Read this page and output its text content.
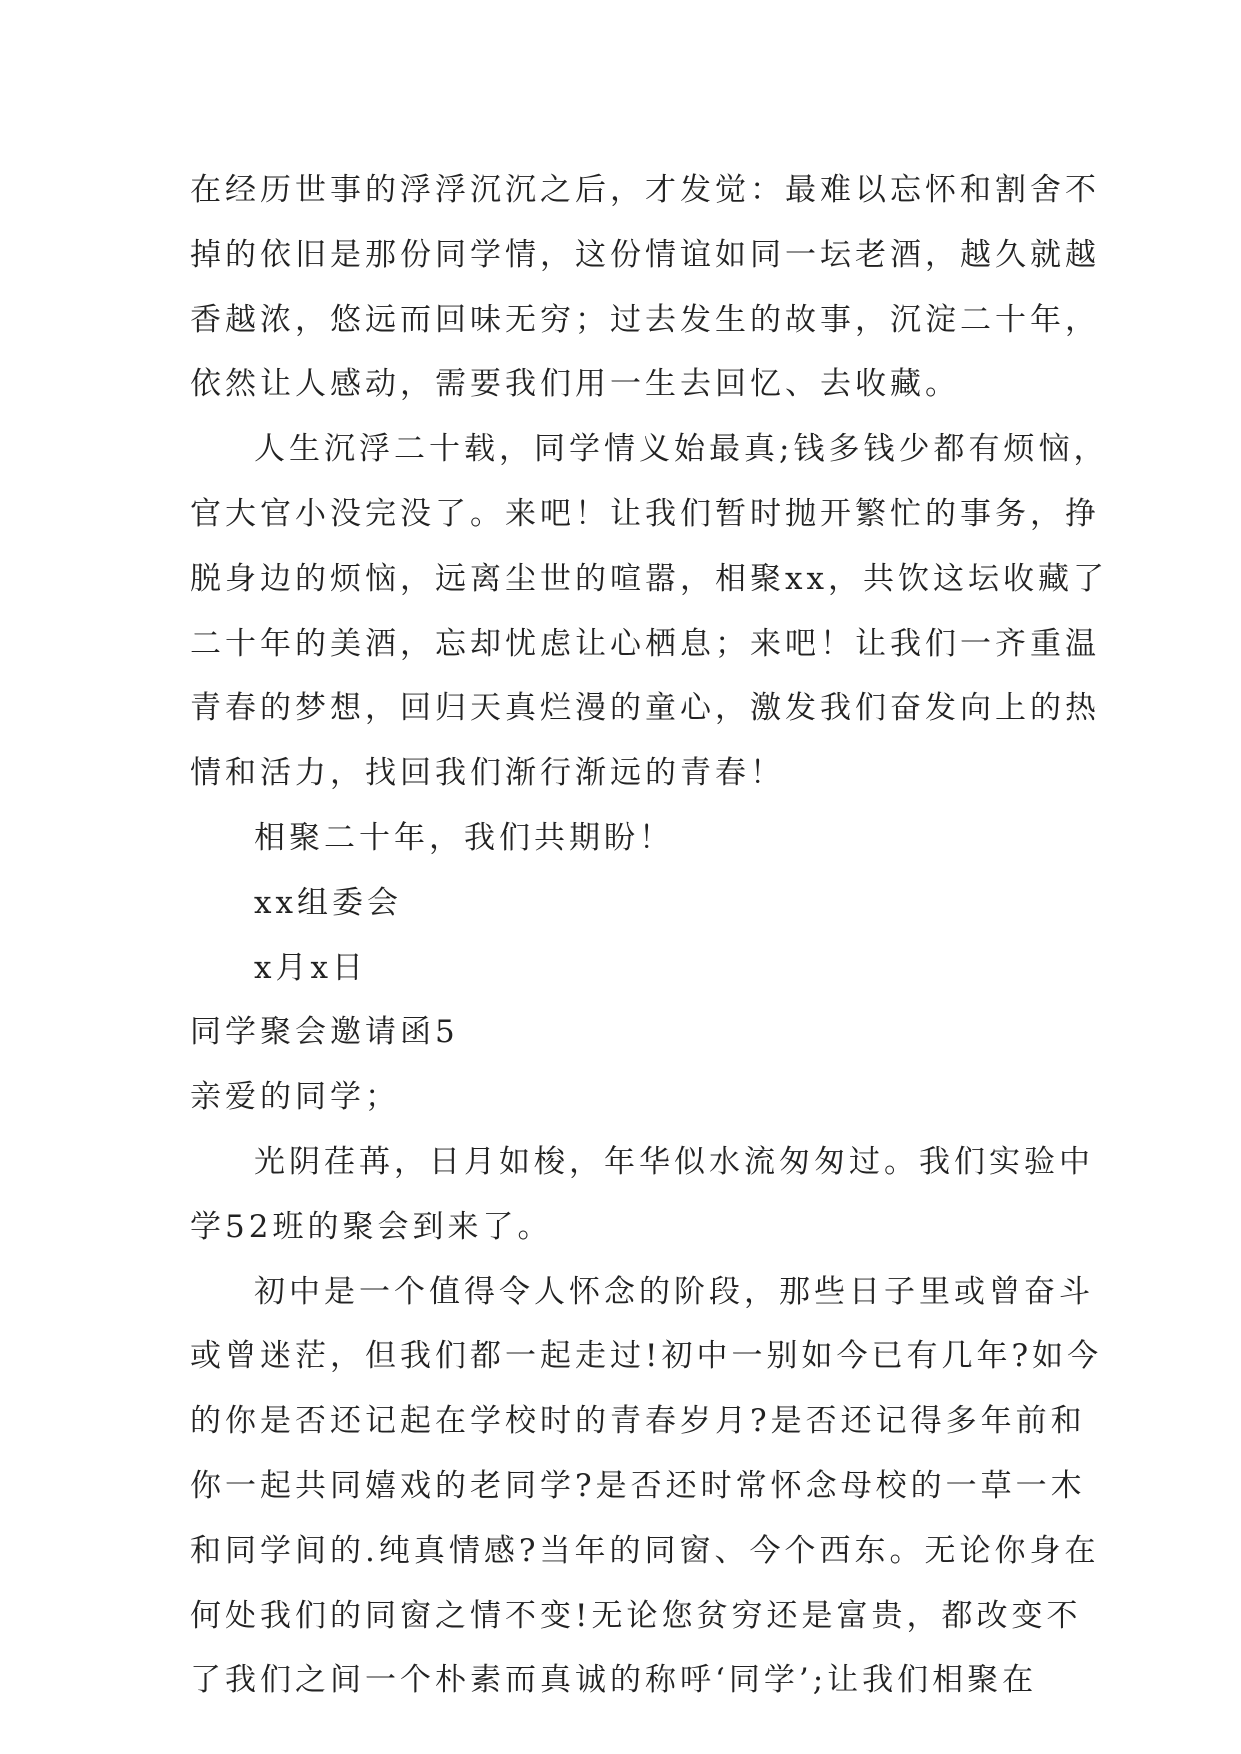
在经历世事的浮浮沉沉之后，才发觉：最难以忘怀和割舍不
掉的依旧是那份同学情，这份情谊如同一坛老酒，越久就越
香越浓，悠远而回味无穷；过去发生的故事，沉淀二十年，
依然让人感动，需要我们用一生去回忆、去收藏。
人生沉浮二十载，同学情义始最真;钱多钱少都有烦恼，
官大官小没完没了。来吧！让我们暂时抛开繁忙的事务，挣
脱身边的烦恼，远离尘世的喧嚣，相聚xx，共饮这坛收藏了
二十年的美酒，忘却忧虑让心栖息；来吧！让我们一齐重温
青春的梦想，回归天真烂漫的童心，激发我们奋发向上的热
情和活力，找回我们渐行渐远的青春！
相聚二十年，我们共期盼！
xx组委会
x月x日
同学聚会邀请函5
亲爱的同学；
光阴荏苒，日月如梭，年华似水流匆匆过。我们实验中
学52班的聚会到来了。
初中是一个值得令人怀念的阶段，那些日子里或曾奋斗
或曾迷茫，但我们都一起走过!初中一别如今已有几年?如今
的你是否还记起在学校时的青春岁月?是否还记得多年前和
你一起共同嬉戏的老同学?是否还时常怀念母校的一草一木
和同学间的.纯真情感?当年的同窗、今个西东。无论你身在
何处我们的同窗之情不变!无论您贫穷还是富贵，都改变不
了我们之间一个朴素而真诚的称呼‘同学’;让我们相聚在
